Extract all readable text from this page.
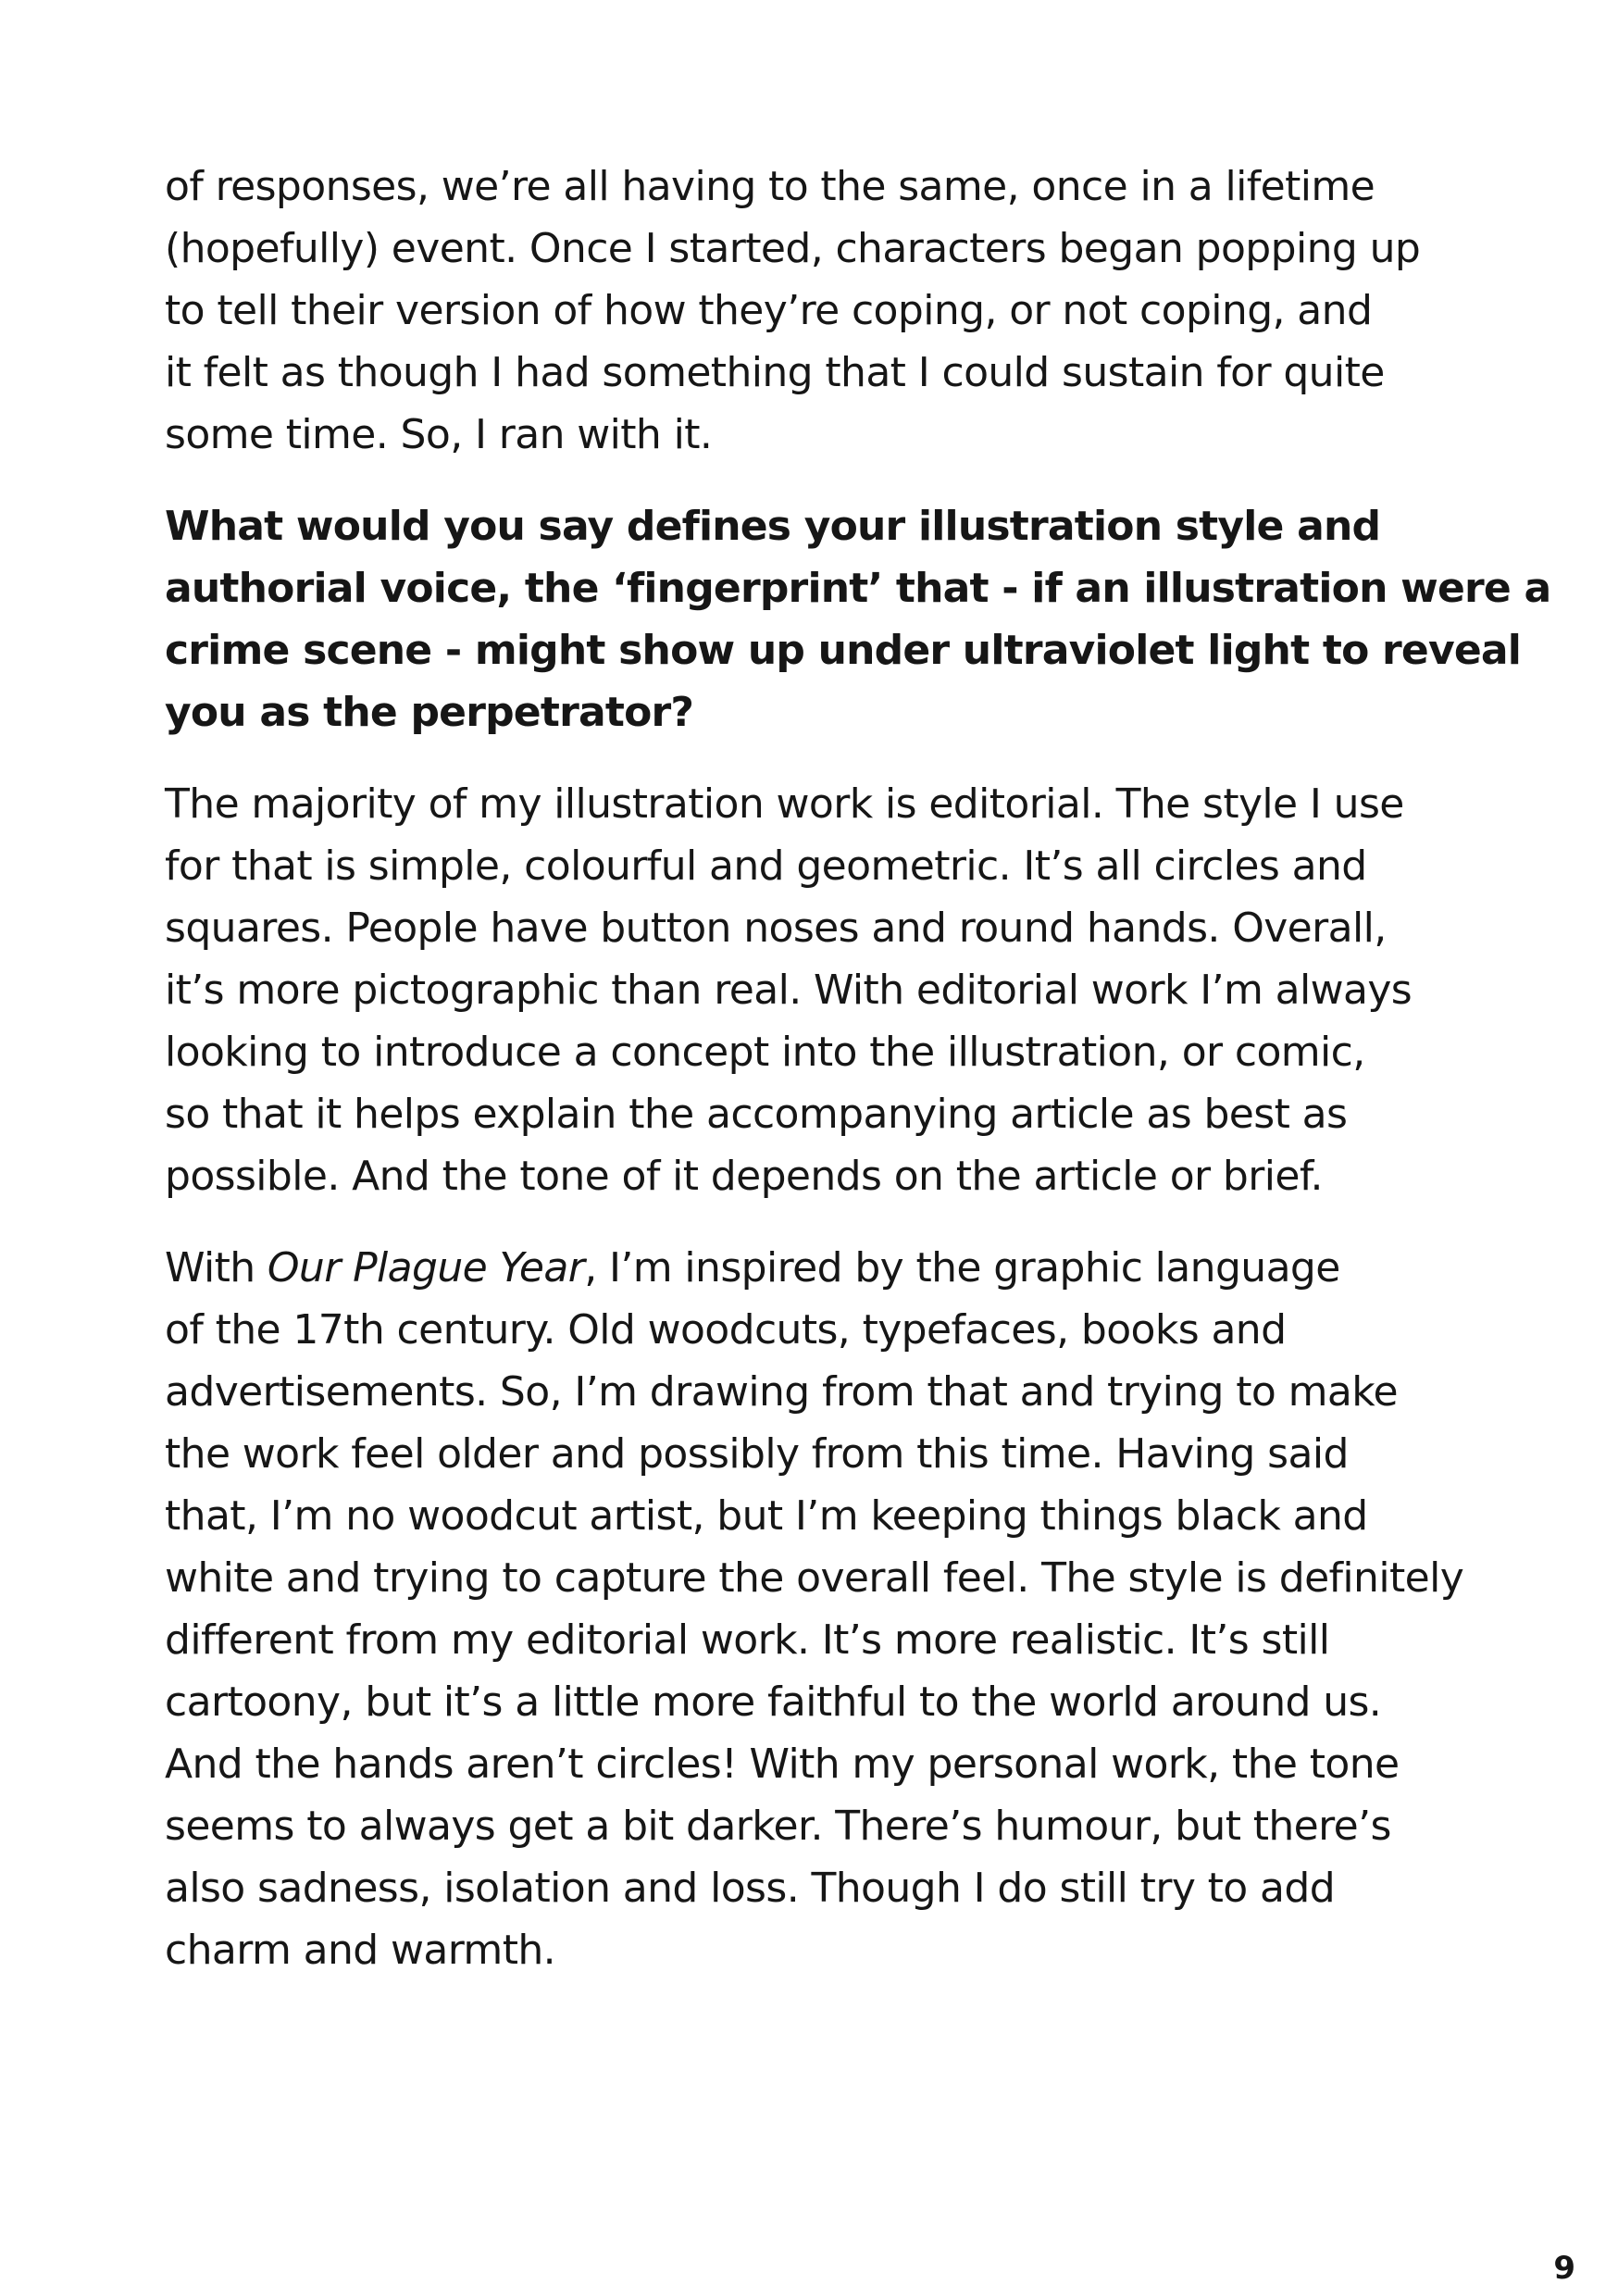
of responses, we’re all having to the same, once in a lifetime
(hopefully) event. Once I started, characters began popping up
to tell their version of how they’re coping, or not coping, and
it felt as though I had something that I could sustain for quite
some time. So, I ran with it.

What would you say defines your illustration style and
authorial voice, the ‘fingerprint’ that - if an illustration were a
crime scene - might show up under ultraviolet light to reveal
you as the perpetrator?

The majority of my illustration work is editorial. The style I use
for that is simple, colourful and geometric. It’s all circles and
squares. People have button noses and round hands. Overall,
it’s more pictographic than real. With editorial work I’m always
looking to introduce a concept into the illustration, or comic,
so that it helps explain the accompanying article as best as
possible. And the tone of it depends on the article or brief.

With Our Plague Year, I’m inspired by the graphic language
of the 17th century. Old woodcuts, typefaces, books and
advertisements. So, I’m drawing from that and trying to make
the work feel older and possibly from this time. Having said
that, I’m no woodcut artist, but I’m keeping things black and
white and trying to capture the overall feel. The style is definitely
different from my editorial work. It’s more realistic. It’s still
cartoony, but it’s a little more faithful to the world around us.
And the hands aren’t circles! With my personal work, the tone
seems to always get a bit darker. There’s humour, but there’s
also sadness, isolation and loss. Though I do still try to add
charm and warmth.

9
